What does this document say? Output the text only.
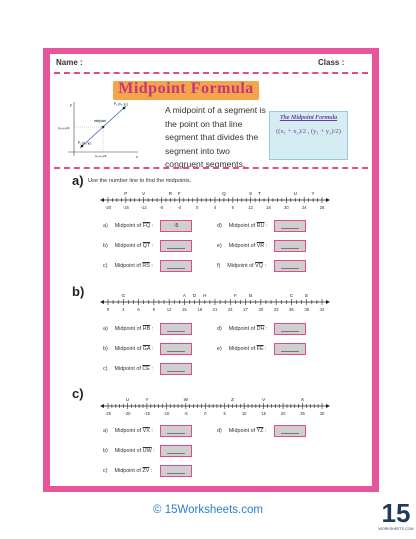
Name :	Class :
Midpoint Formula
y
x
P₂ (x₂, y₂)
midpoint
P₁ (x₁, y₁)
(y₁+y₂)/2
(x₁+x₂)/2
A midpoint of a segment is the point on that line segment that divides the segment into two congruent segments.
The Midpoint Formula
((x₁ + x₂)/2 , (y₁ + y₂)/2)
a) Use the number line to find the midpoints.
-20	-16	-12	-8	-4	0	4	8	12	16	20	24	28
P	V	R F	Q	S T	U	Y
b)
0	3	6	9	12	15	18	21	24	27	30	33	36	39	42
G	A D H	F	B	C	E
c)
-25	-20	-15	-10	-5	0	5	10	15	20	25	30
U	Y	W	Z	V	X
a) Midpoint of $\overline{FQ}$ :	-5
b) Midpoint of $\overline{QT}$ :
c) Midpoint of $\overline{RS}$ :
d) Midpoint of $\overline{RU}$ :
e) Midpoint of $\overline{VR}$ :
f) Midpoint of $\overline{VQ}$ :
a) Midpoint of $\overline{HB}$ :
b) Midpoint of $\overline{GA}$ :
c) Midpoint of $\overline{CE}$ :
d) Midpoint of $\overline{DH}$ :
e) Midpoint of $\overline{FE}$ :
a) Midpoint of $\overline{VX}$ :
b) Midpoint of $\overline{UW}$ :
c) Midpoint of $\overline{ZV}$ :
d) Midpoint of $\overline{YZ}$ :
© 15Worksheets.com	15
WORKSHEETS.COM
